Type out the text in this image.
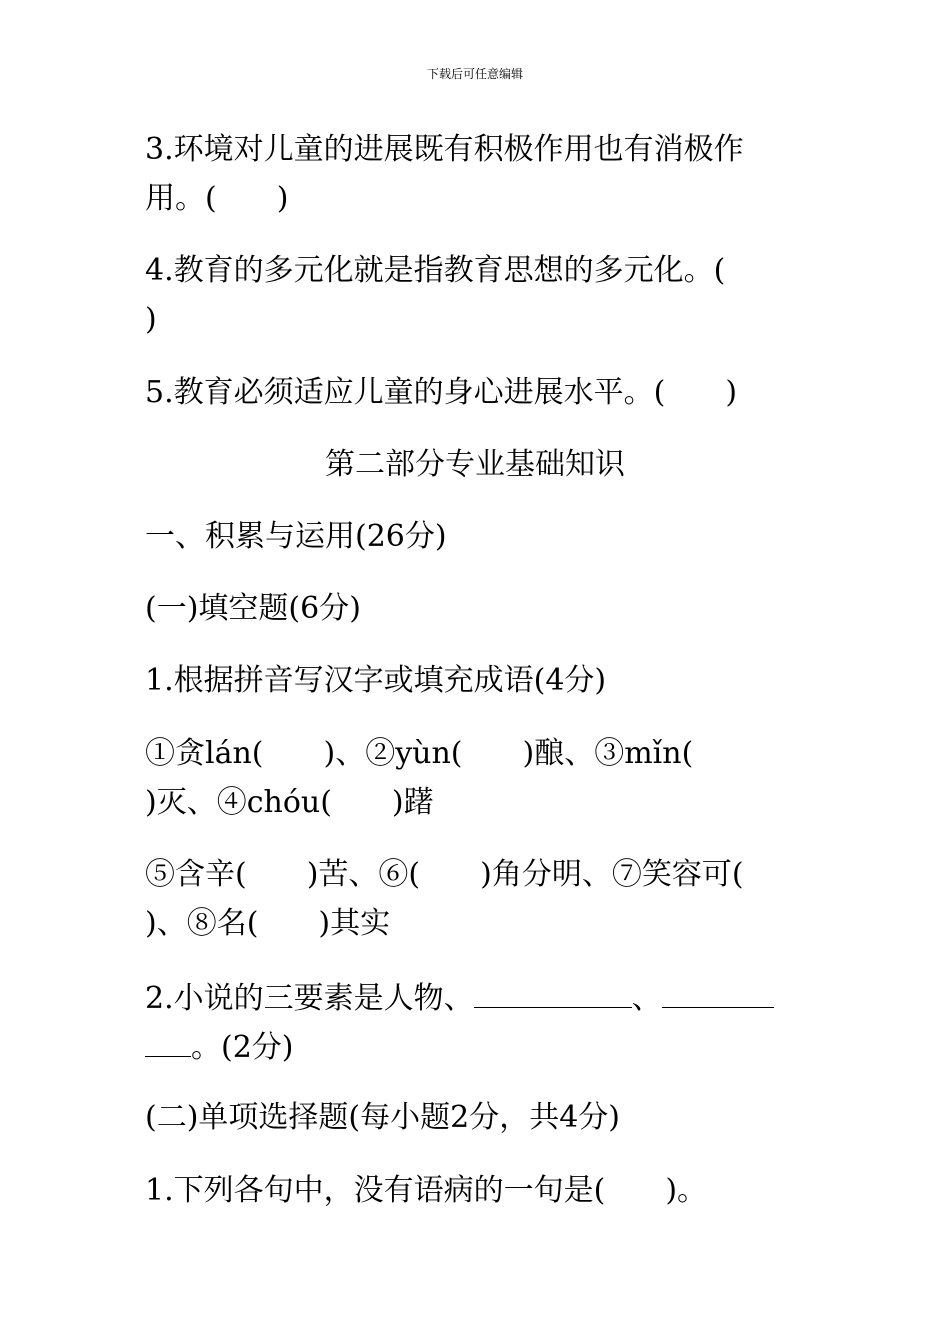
下载后可任意编辑
3.环境对儿童的进展既有积极作用也有消极作
用。(　　)
4.教育的多元化就是指教育思想的多元化。(
)
5.教育必须适应儿童的身心进展水平。(　　)
第二部分专业基础知识
一、积累与运用(26分)
(一)填空题(6分)
1.根据拼音写汉字或填充成语(4分)
①贪lán(　　)、②yùn(　　)酿、③mǐn(
)灭、④chóu(　　)躇
⑤含辛(　　)苦、⑥(　　)角分明、⑦笑容可(
)、⑧名(　　)其实
2.小说的三要素是人物、	、
。(2分)
(二)单项选择题(每小题2分，共4分)
1.下列各句中，没有语病的一句是(　　)。
